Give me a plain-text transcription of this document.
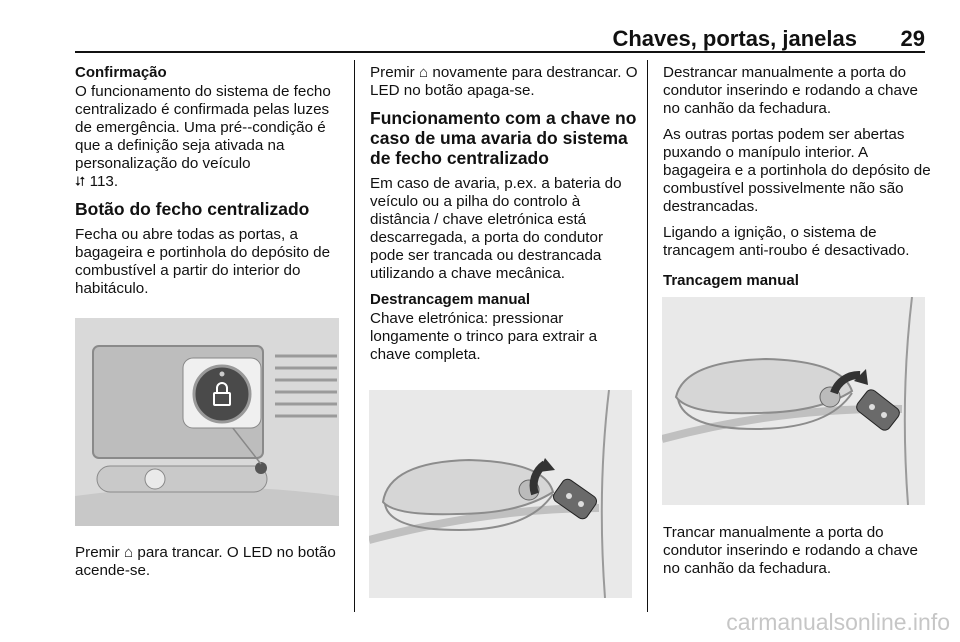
Chaves, portas, janelas 29
Confirmação

O funcionamento do sistema de fecho centralizado é confirmada pelas luzes de emergência. Uma pré--condição é que a definição seja ativada na personalização do veículo
⮃ 113.

Botão do fecho centralizado

Fecha ou abre todas as portas, a bagageira e portinhola do depósito de combustível a partir do interior do habitáculo.

Premir ⌂ para trancar. O LED no botão acende-se.

Premir ⌂ novamente para destrancar. O LED no botão apaga-se.

Funcionamento com a chave no caso de uma avaria do sistema de fecho centralizado

Em caso de avaria, p.ex. a bateria do veículo ou a pilha do controlo à distância / chave eletrónica está descarregada, a porta do condutor pode ser trancada ou destrancada utilizando a chave mecânica.

Destrancagem manual

Chave eletrónica: pressionar longamente o trinco para extrair a chave completa.

Destrancar manualmente a porta do condutor inserindo e rodando a chave no canhão da fechadura.

As outras portas podem ser abertas puxando o manípulo interior. A bagageira e a portinhola do depósito de combustível possivelmente não são destrancadas.

Ligando a ignição, o sistema de trancagem anti-roubo é desactivado.

Trancagem manual
Trancar manualmente a porta do condutor inserindo e rodando a chave no canhão da fechadura.
carmanualsonline.info
